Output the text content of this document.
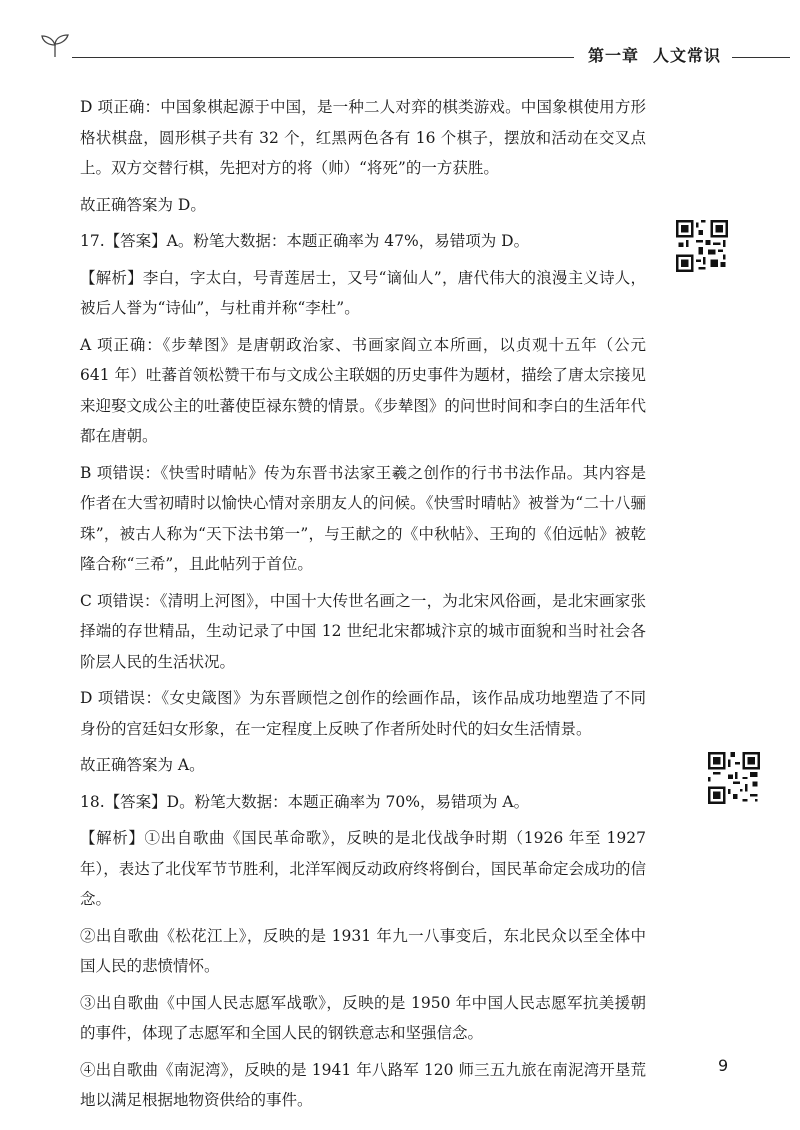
第一章 人文常识

D 项正确：中国象棋起源于中国，是一种二人对弈的棋类游戏。中国象棋使用方形格状棋盘，圆形棋子共有 32 个，红黑两色各有 16 个棋子，摆放和活动在交叉点上。双方交替行棋，先把对方的将（帅）“将死”的一方获胜。

故正确答案为 D。

17.【答案】A。粉笔大数据：本题正确率为 47%，易错项为 D。

【解析】李白，字太白，号青莲居士，又号“谪仙人”，唐代伟大的浪漫主义诗人，被后人誉为“诗仙”，与杜甫并称“李杜”。

A 项正确：《步辇图》是唐朝政治家、书画家阎立本所画，以贞观十五年（公元 641 年）吐蕃首领松赞干布与文成公主联姻的历史事件为题材，描绘了唐太宗接见来迎娶文成公主的吐蕃使臣禄东赞的情景。《步辇图》的问世时间和李白的生活年代都在唐朝。

B 项错误：《快雪时晴帖》传为东晋书法家王羲之创作的行书书法作品。其内容是作者在大雪初晴时以愉快心情对亲朋友人的问候。《快雪时晴帖》被誉为“二十八骊珠”，被古人称为“天下法书第一”，与王献之的《中秋帖》、王珣的《伯远帖》被乾隆合称“三希”，且此帖列于首位。

C 项错误：《清明上河图》，中国十大传世名画之一，为北宋风俗画，是北宋画家张择端的存世精品，生动记录了中国 12 世纪北宋都城汴京的城市面貌和当时社会各阶层人民的生活状况。

D 项错误：《女史箴图》为东晋顾恺之创作的绘画作品，该作品成功地塑造了不同身份的宫廷妇女形象，在一定程度上反映了作者所处时代的妇女生活情景。

故正确答案为 A。

18.【答案】D。粉笔大数据：本题正确率为 70%，易错项为 A。

【解析】①出自歌曲《国民革命歌》，反映的是北伐战争时期（1926 年至 1927 年），表达了北伐军节节胜利，北洋军阀反动政府终将倒台，国民革命定会成功的信念。

②出自歌曲《松花江上》，反映的是 1931 年九一八事变后，东北民众以至全体中国人民的悲愤情怀。

③出自歌曲《中国人民志愿军战歌》，反映的是 1950 年中国人民志愿军抗美援朝的事件，体现了志愿军和全国人民的钢铁意志和坚强信念。

④出自歌曲《南泥湾》，反映的是 1941 年八路军 120 师三五九旅在南泥湾开垦荒地以满足根据地物资供给的事件。

9
